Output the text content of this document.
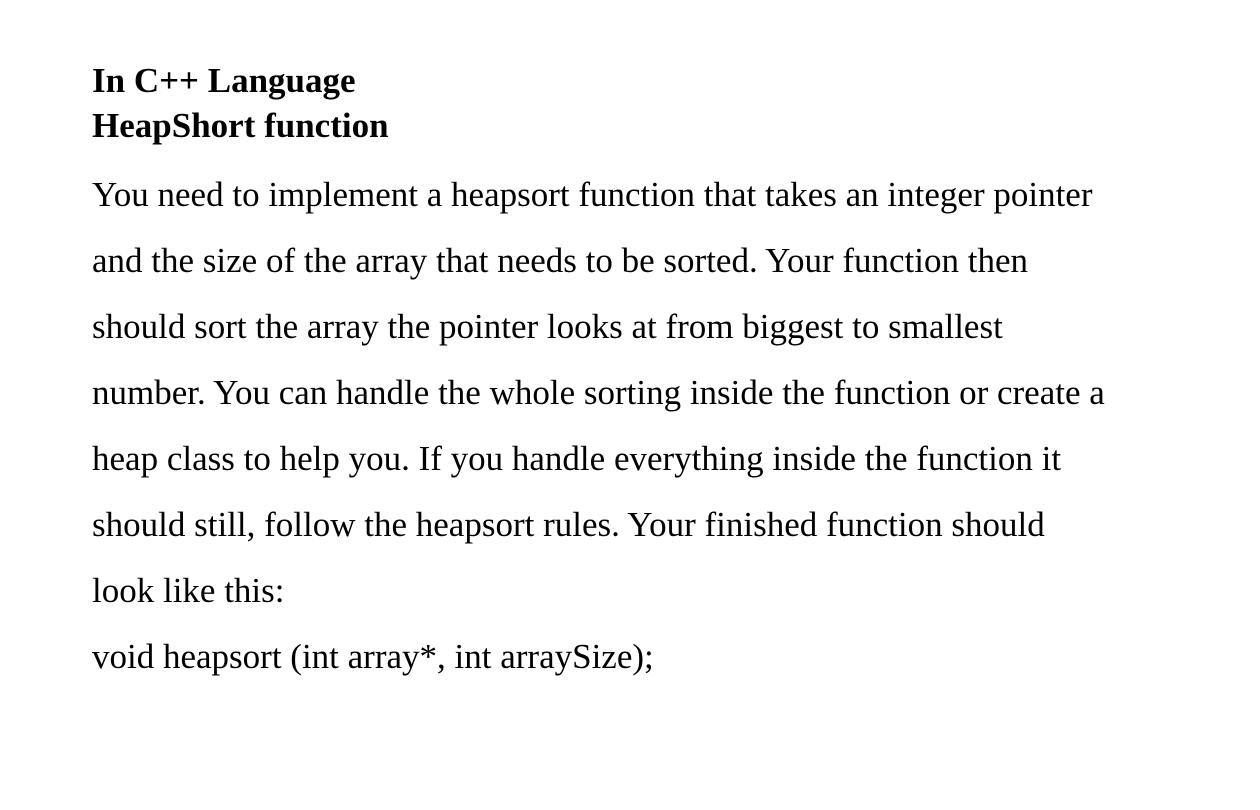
In C++ Language
HeapShort function
You need to implement a heapsort function that takes an integer pointer
and the size of the array that needs to be sorted. Your function then
should sort the array the pointer looks at from biggest to smallest
number. You can handle the whole sorting inside the function or create a
heap class to help you. If you handle everything inside the function it
should still, follow the heapsort rules. Your finished function should
look like this:
void heapsort (int array*, int arraySize);
